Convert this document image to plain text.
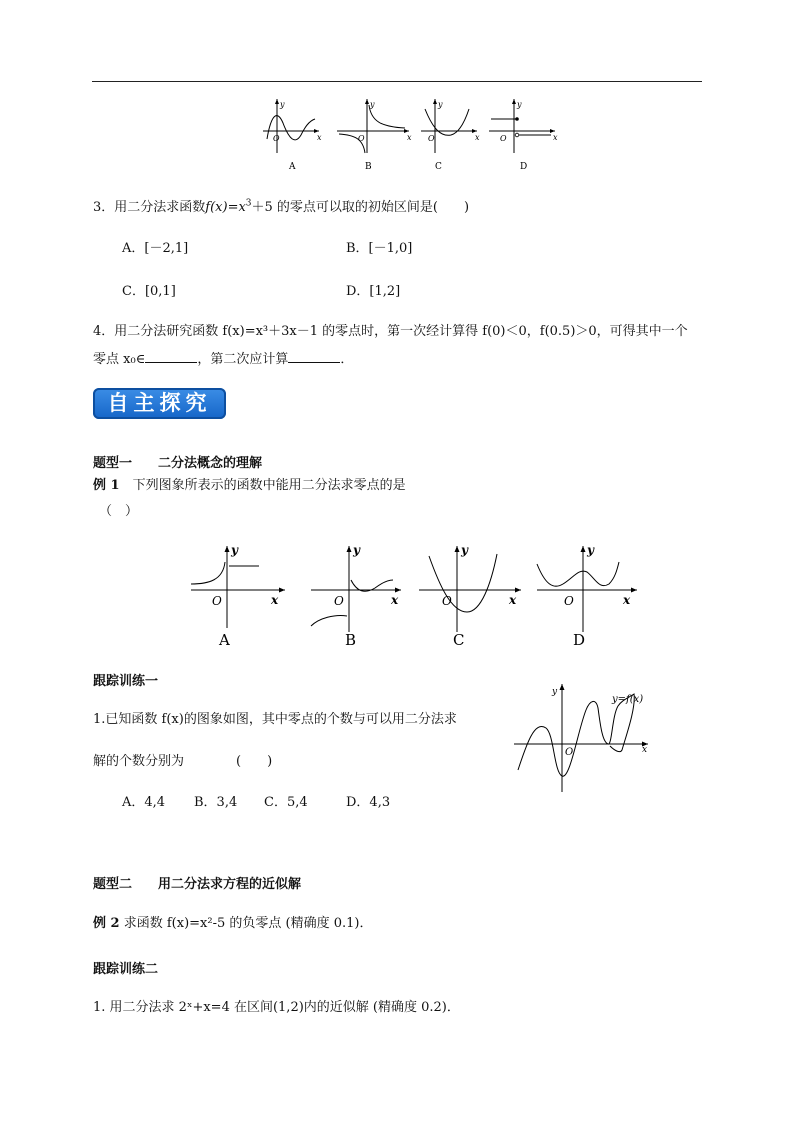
y
x
O
A
y
x
O
B
y
x
O
C
y
x
O
D
3．用二分法求函数$f(x)=x^3+5$ 的零点可以取的初始区间是(　　)
A．[－2,1]	B．[－1,0]
C．[0,1]	D．[1,2]
4．用二分法研究函数 f(x)=x³＋3x－1 的零点时，第一次经计算得 f(0)＜0，f(0.5)＞0，可得其中一个
零点 x₀∈	，第二次应计算	．
自主探究
题型一　　二分法概念的理解
例 1　下列图象所表示的函数中能用二分法求零点的是
（　）
y
x
O
A
y
x
O
B
y
x
O
C
y
x
O
D
跟踪训练一
1.已知函数 f(x)的图象如图，其中零点的个数与可以用二分法求
解的个数分别为　　　　(　　)
A．4,4 B．3,4 C．5,4	D．4,3
y
x
O
y=f(x)
题型二　　用二分法求方程的近似解
例 2 求函数 f(x)=x²-5 的负零点 (精确度 0.1)．
跟踪训练二
1. 用二分法求 2ˣ+x=4 在区间(1,2)内的近似解 (精确度 0.2)．
